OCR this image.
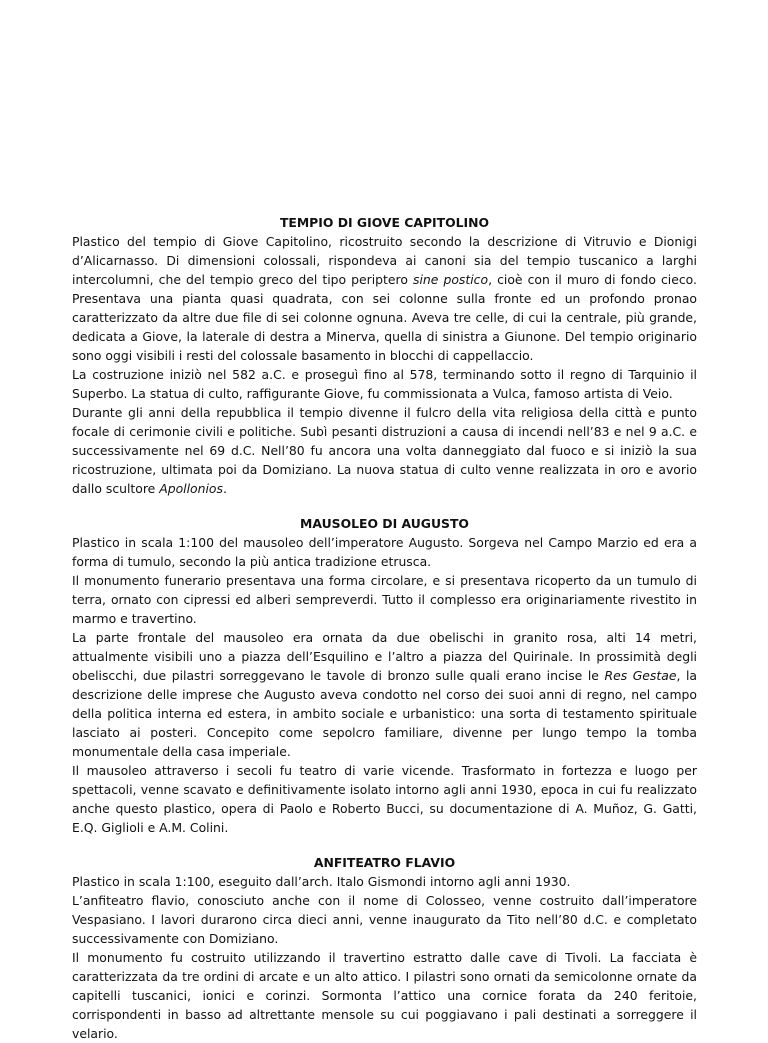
TEMPIO DI GIOVE CAPITOLINO
Plastico del tempio di Giove Capitolino, ricostruito secondo la descrizione di Vitruvio e Dionigi d’Alicarnasso. Di dimensioni colossali, rispondeva ai canoni sia del tempio tuscanico a larghi intercolumni, che del tempio greco del tipo periptero sine postico, cioè con il muro di fondo cieco. Presentava una pianta quasi quadrata, con sei colonne sulla fronte ed un profondo pronao caratterizzato da altre due file di sei colonne ognuna. Aveva tre celle, di cui la centrale, più grande, dedicata a Giove, la laterale di destra a Minerva, quella di sinistra a Giunone. Del tempio originario sono oggi visibili i resti del colossale basamento in blocchi di cappellaccio.
La costruzione iniziò nel 582 a.C. e proseguì fino al 578, terminando sotto il regno di Tarquinio il Superbo. La statua di culto, raffigurante Giove, fu commissionata a Vulca, famoso artista di Veio.
Durante gli anni della repubblica il tempio divenne il fulcro della vita religiosa della città e punto focale di cerimonie civili e politiche. Subì pesanti distruzioni a causa di incendi nell’83 e nel 9 a.C. e successivamente nel 69 d.C. Nell’80 fu ancora una volta danneggiato dal fuoco e si iniziò la sua ricostruzione, ultimata poi da Domiziano. La nuova statua di culto venne realizzata in oro e avorio dallo scultore Apollonios.
MAUSOLEO DI AUGUSTO
Plastico in scala 1:100 del mausoleo dell’imperatore Augusto. Sorgeva nel Campo Marzio ed era a forma di tumulo, secondo la più antica tradizione etrusca.
Il monumento funerario presentava una forma circolare, e si presentava ricoperto da un tumulo di terra, ornato con cipressi ed alberi sempreverdi. Tutto il complesso era originariamente rivestito in marmo e travertino.
La parte frontale del mausoleo era ornata da due obelischi in granito rosa, alti 14 metri, attualmente visibili uno a piazza dell’Esquilino e l’altro a piazza del Quirinale. In prossimità degli obeliscchi, due pilastri sorreggevano le tavole di bronzo sulle quali erano incise le Res Gestae, la descrizione delle imprese che Augusto aveva condotto nel corso dei suoi anni di regno, nel campo della politica interna ed estera, in ambito sociale e urbanistico: una sorta di testamento spirituale lasciato ai posteri. Concepito come sepolcro familiare, divenne per lungo tempo la tomba monumentale della casa imperiale.
Il mausoleo attraverso i secoli fu teatro di varie vicende. Trasformato in fortezza e luogo per spettacoli, venne scavato e definitivamente isolato intorno agli anni 1930, epoca in cui fu realizzato anche questo plastico, opera di Paolo e Roberto Bucci, su documentazione di A. Muñoz, G. Gatti, E.Q. Giglioli e A.M. Colini.
ANFITEATRO FLAVIO
Plastico in scala 1:100, eseguito dall’arch. Italo Gismondi intorno agli anni 1930.
L’anfiteatro flavio, conosciuto anche con il nome di Colosseo, venne costruito dall’imperatore Vespasiano. I lavori durarono circa dieci anni, venne inaugurato da Tito nell’80 d.C. e completato successivamente con Domiziano.
Il monumento fu costruito utilizzando il travertino estratto dalle cave di Tivoli. La facciata è caratterizzata da tre ordini di arcate e un alto attico. I pilastri sono ornati da semicolonne ornate da capitelli tuscanici, ionici e corinzi. Sormonta l’attico una cornice forata da 240 feritoie, corrispondenti in basso ad altrettante mensole su cui poggiavano i pali destinati a sorreggere il velario.
